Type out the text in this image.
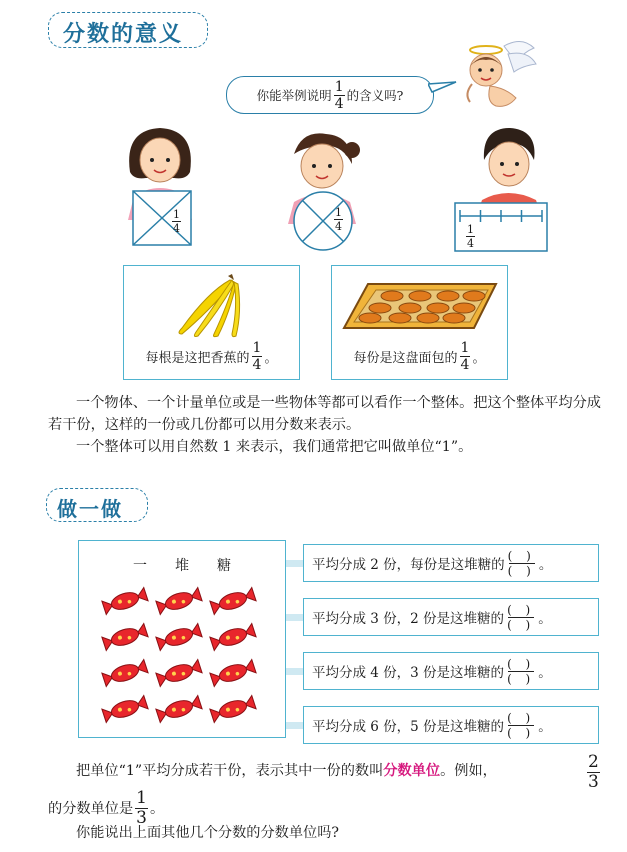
分数的意义
你能举例说明 $\frac{1}{4}$ 的含义吗?
1
4
1
4	1
4
每根是这把香蕉的 $\frac{1}{4}$ 。	每份是这盘面包的 $\frac{1}{4}$ 。
一个物体、一个计量单位或是一些物体等都可以看作一个整体。把这个整体平均分成若干份，这样的一份或几份都可以用分数来表示。
一个整体可以用自然数 1 来表示，我们通常把它叫做单位“1”。
做一做
一　　堆　　糖	平均分成 2 份，每份是这堆糖的
( )
( ) 。
平均分成 3 份，2 份是这堆糖的
( )
( ) 。
平均分成 4 份，3 份是这堆糖的
( )
( ) 。
平均分成 6 份，5 份是这堆糖的
( )
( ) 。
把单位“1”平均分成若干份，表示其中一份的数叫分数单位。例如，	2
3
的分数单位是 $\frac{1}{3}$ 。
你能说出上面其他几个分数的分数单位吗?
